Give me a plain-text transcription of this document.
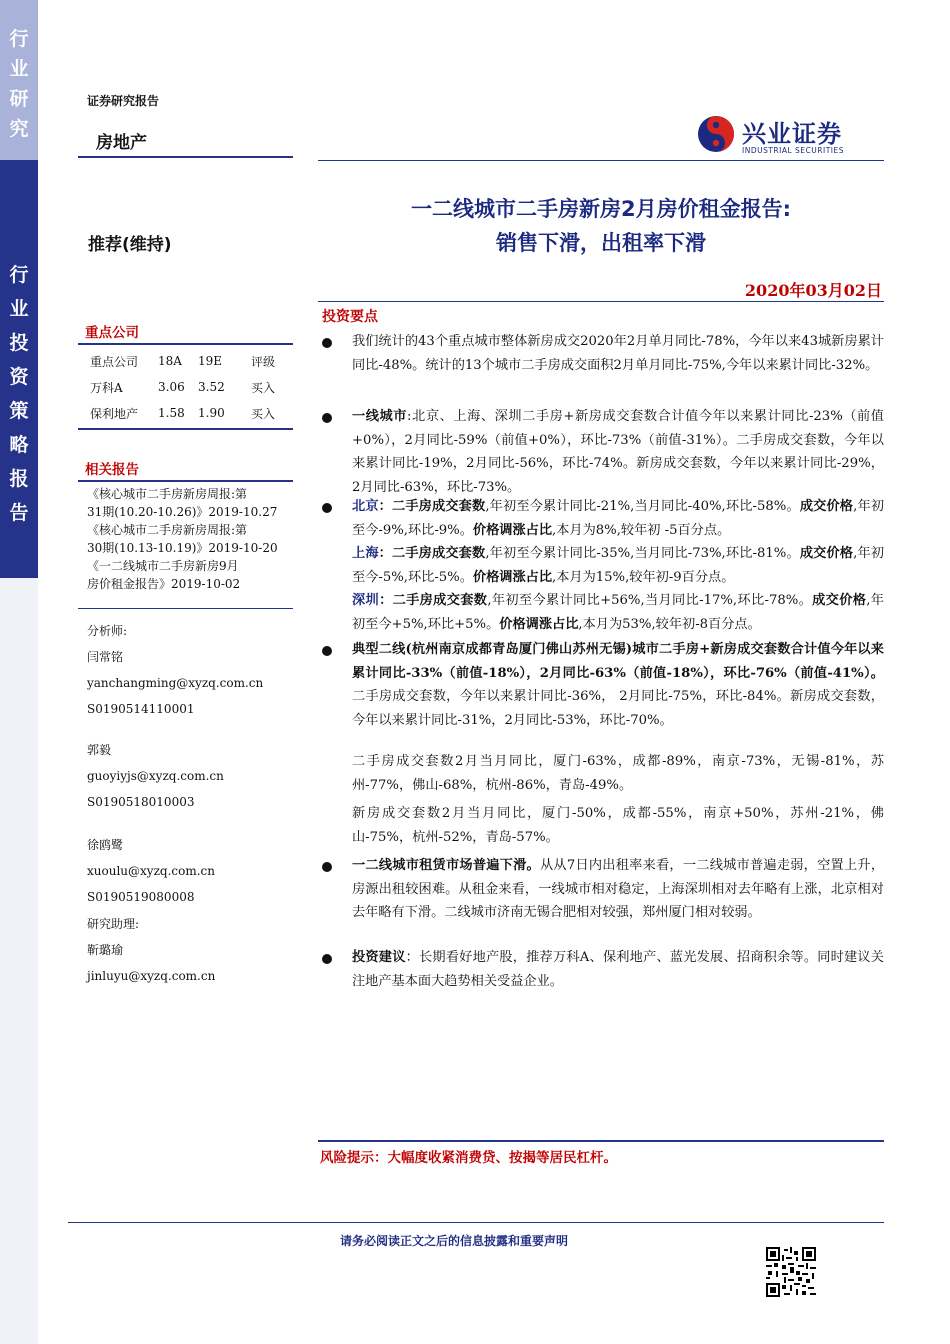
行
业
研
究
行
业
投
资
策
略
报
告
证券研究报告
房地产	兴业证券
INDUSTRIAL SECURITIES
推荐(维持)
一二线城市二手房新房2月房价租金报告:
销售下滑，出租率下滑
2020年03月02日
重点公司
重点公司	18A	19E	评级
万科A	3.06	3.52	买入
保利地产	1.58	1.90	买入
相关报告
《核心城市二手房新房周报:第
31期(10.20-10.26)》2019-10.27
《核心城市二手房新房周报:第
30期(10.13-10.19)》2019-10-20
《一二线城市二手房新房9月
房价租金报告》2019-10-02
分析师:
闫常铭
yanchangming@xyzq.com.cn
S0190514110001
郭毅
guoyiyjs@xyzq.com.cn
S0190518010003
徐鸥鹭
xuoulu@xyzq.com.cn
S0190519080008
研究助理:
靳璐瑜
jinluyu@xyzq.com.cn
投资要点
我们统计的43个重点城市整体新房成交2020年2月单月同比-78%，今年以来43城新房累计同比-48%。统计的13个城市二手房成交面积2月单月同比-75%,今年以来累计同比-32%。
一线城市:北京、上海、深圳二手房+新房成交套数合计值今年以来累计同比-23%（前值+0%），2月同比-59%（前值+0%），环比-73%（前值-31%）。二手房成交套数，今年以来累计同比-19%，2月同比-56%，环比-74%。新房成交套数，今年以来累计同比-29%，2月同比-63%，环比-73%。
北京：二手房成交套数,年初至今累计同比-21%,当月同比-40%,环比-58%。成交价格,年初至今-9%,环比-9%。价格调涨占比,本月为8%,较年初 -5百分点。
上海：二手房成交套数,年初至今累计同比-35%,当月同比-73%,环比-81%。成交价格,年初至今-5%,环比-5%。价格调涨占比,本月为15%,较年初-9百分点。
深圳：二手房成交套数,年初至今累计同比+56%,当月同比-17%,环比-78%。成交价格,年初至今+5%,环比+5%。价格调涨占比,本月为53%,较年初-8百分点。
典型二线(杭州南京成都青岛厦门佛山苏州无锡)城市二手房+新房成交套数合计值今年以来累计同比-33%（前值-18%），2月同比-63%（前值-18%），环比-76%（前值-41%）。二手房成交套数，今年以来累计同比-36%， 2月同比-75%，环比-84%。新房成交套数，今年以来累计同比-31%，2月同比-53%，环比-70%。
二手房成交套数2月当月同比，厦门-63%，成都-89%，南京-73%，无锡-81%，苏州-77%，佛山-68%，杭州-86%，青岛-49%。
新房成交套数2月当月同比，厦门-50%，成都-55%，南京+50%，苏州-21%，佛山-75%，杭州-52%，青岛-57%。
一二线城市租赁市场普遍下滑。从从7日内出租率来看，一二线城市普遍走弱，空置上升，房源出租较困难。从租金来看，一线城市相对稳定，上海深圳相对去年略有上涨，北京相对去年略有下滑。二线城市济南无锡合肥相对较强，郑州厦门相对较弱。
投资建议：长期看好地产股，推荐万科A、保利地产、蓝光发展、招商积余等。同时建议关注地产基本面大趋势相关受益企业。
风险提示：大幅度收紧消费贷、按揭等居民杠杆。
请务必阅读正文之后的信息披露和重要声明
